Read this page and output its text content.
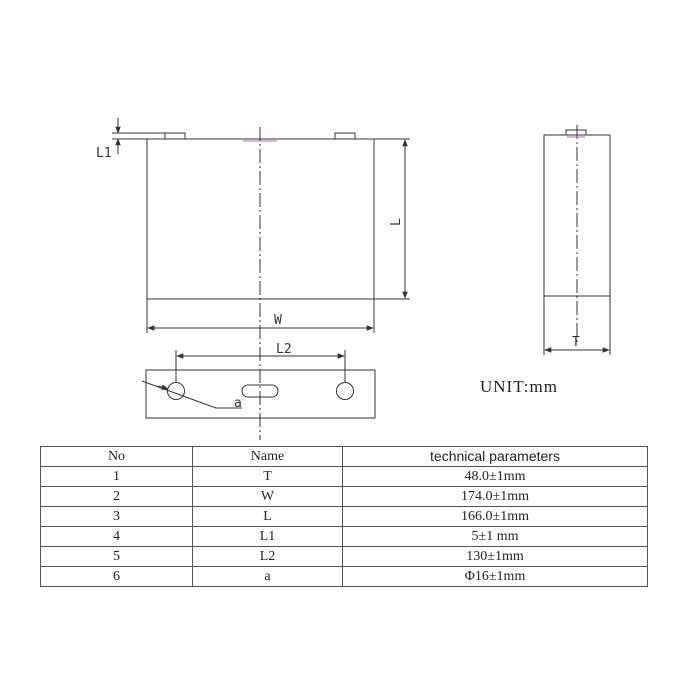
L1
L
W
L2
a
T
UNIT:mm
No	Name	technical parameters
1	T	48.0±1mm
2	W	174.0±1mm
3	L	166.0±1mm
4	L1	5±1 mm
5	L2	130±1mm
6	a	Φ16±1mm
